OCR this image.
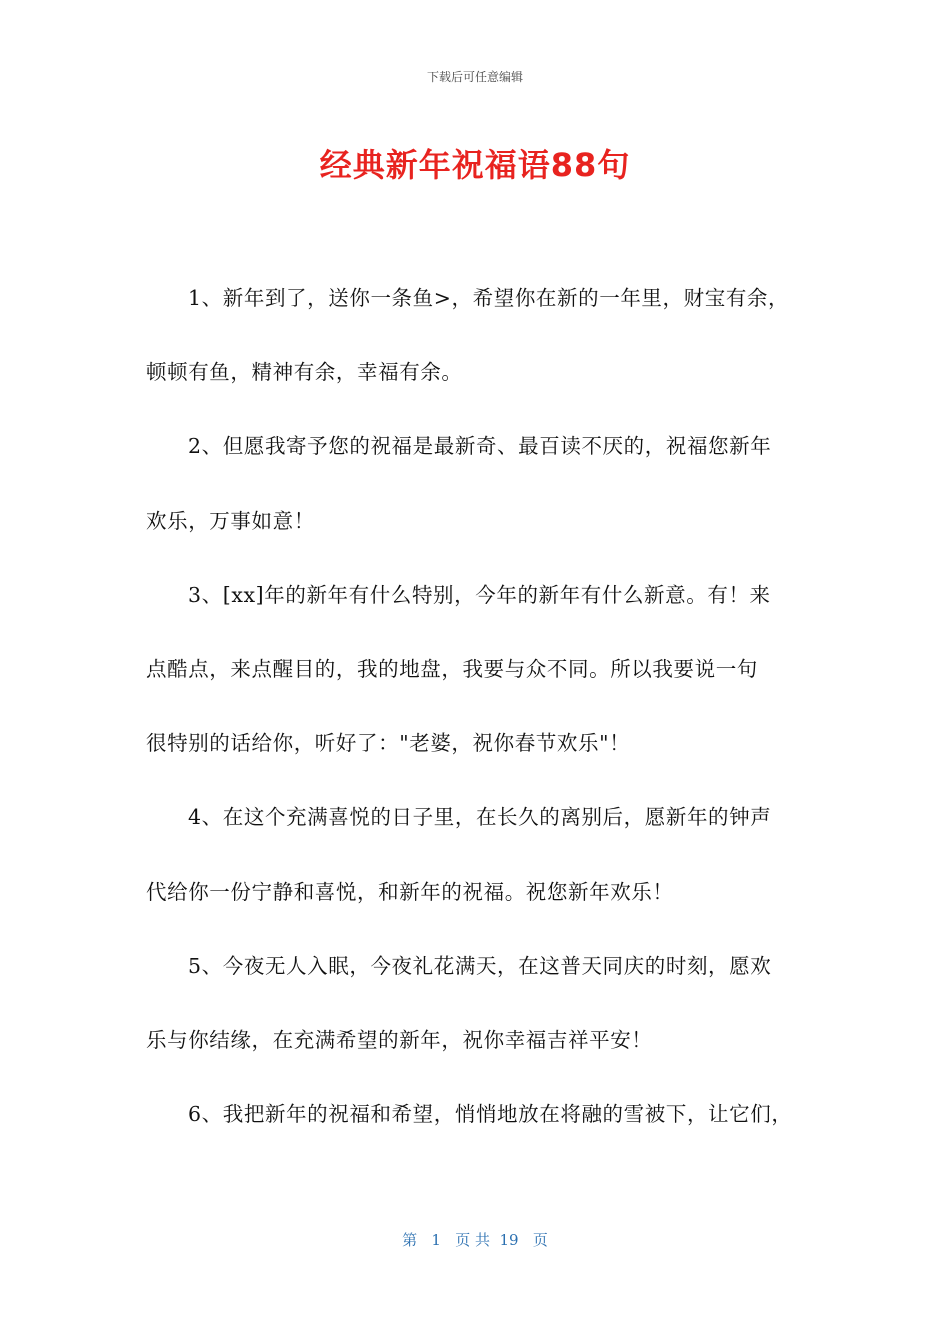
下载后可任意编辑
经典新年祝福语88句
1、新年到了，送你一条鱼>，希望你在新的一年里，财宝有余，
顿顿有鱼，精神有余，幸福有余。
2、但愿我寄予您的祝福是最新奇、最百读不厌的，祝福您新年
欢乐，万事如意！
3、[xx]年的新年有什么特别，今年的新年有什么新意。有！来
点酷点，来点醒目的，我的地盘，我要与众不同。所以我要说一句
很特别的话给你，听好了："老婆，祝你春节欢乐"！
4、在这个充满喜悦的日子里，在长久的离别后，愿新年的钟声
代给你一份宁静和喜悦，和新年的祝福。祝您新年欢乐！
5、今夜无人入眠，今夜礼花满天，在这普天同庆的时刻，愿欢
乐与你结缘，在充满希望的新年，祝你幸福吉祥平安！
6、我把新年的祝福和希望，悄悄地放在将融的雪被下，让它们，
第   1   页 共  19   页
